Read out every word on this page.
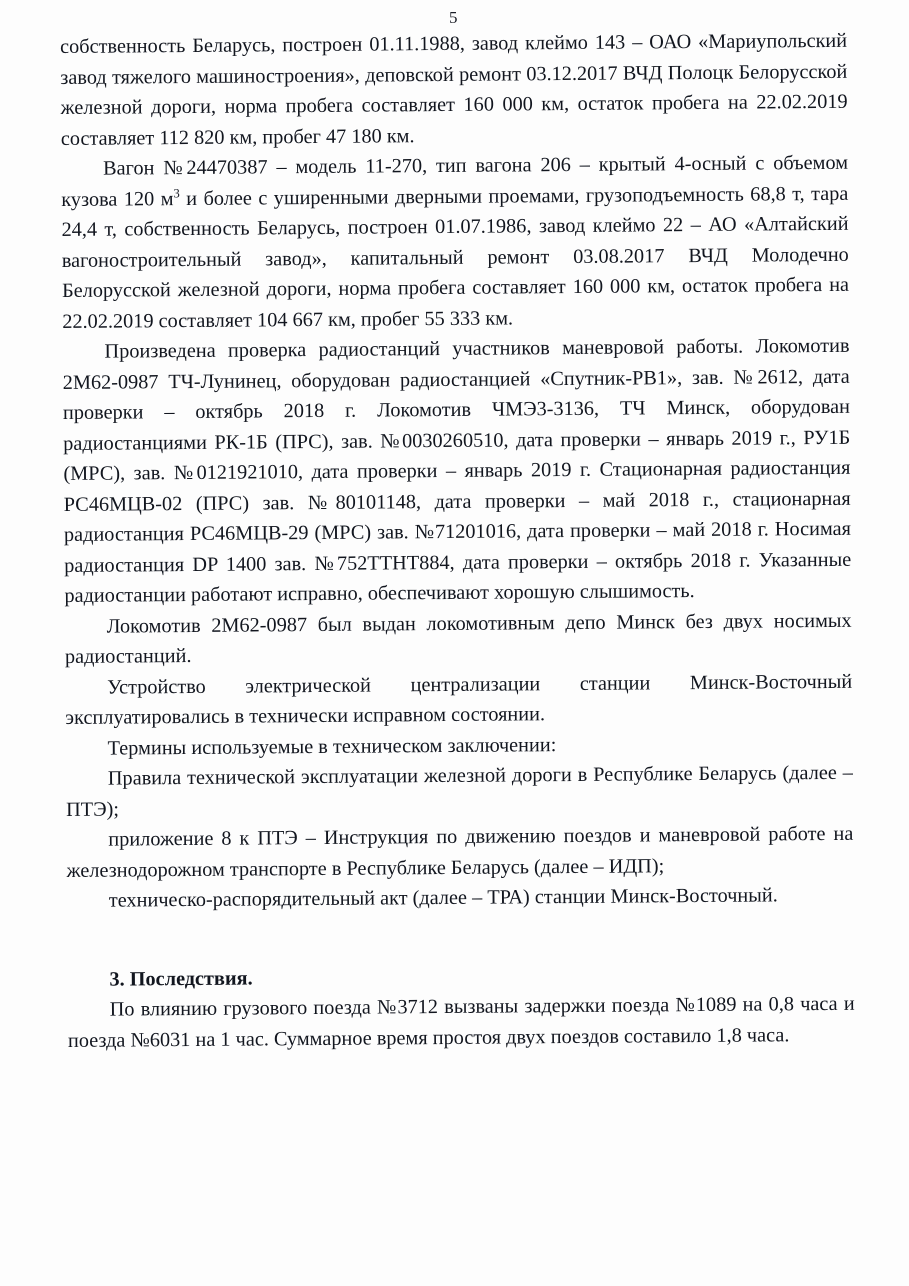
5

собственность Беларусь, построен 01.11.1988, завод клеймо 143 – ОАО «Мариупольский завод тяжелого машиностроения», деповской ремонт 03.12.2017 ВЧД Полоцк Белорусской железной дороги, норма пробега составляет 160 000 км, остаток пробега на 22.02.2019 составляет 112 820 км, пробег 47 180 км.

Вагон №24470387 – модель 11-270, тип вагона 206 – крытый 4-осный с объемом кузова 120 $м^3$ и более с уширенными дверными проемами, грузоподъемность 68,8 т, тара 24,4 т, собственность Беларусь, построен 01.07.1986, завод клеймо 22 – АО «Алтайский вагоностроительный завод», капитальный ремонт 03.08.2017 ВЧД Молодечно Белорусской железной дороги, норма пробега составляет 160 000 км, остаток пробега на 22.02.2019 составляет 104 667 км, пробег 55 333 км.

Произведена проверка радиостанций участников маневровой работы. Локомотив 2М62-0987 ТЧ-Лунинец, оборудован радиостанцией «Спутник-РВ1», зав. №2612, дата проверки – октябрь 2018 г. Локомотив ЧМЭ3-3136, ТЧ Минск, оборудован радиостанциями РК-1Б (ПРС), зав. №0030260510, дата проверки – январь 2019 г., РУ1Б (МРС), зав. №0121921010, дата проверки – январь 2019 г. Стационарная радиостанция РС46МЦВ-02 (ПРС) зав. №80101148, дата проверки – май 2018 г., стационарная радиостанция РС46МЦВ-29 (МРС) зав. №71201016, дата проверки – май 2018 г. Носимая радиостанция DP 1400 зав. №752ТТНТ884, дата проверки – октябрь 2018 г. Указанные радиостанции работают исправно, обеспечивают хорошую слышимость.

Локомотив 2М62-0987 был выдан локомотивным депо Минск без двух носимых радиостанций.

Устройство электрической централизации станции Минск-Восточный эксплуатировались в технически исправном состоянии.

Термины используемые в техническом заключении:

Правила технической эксплуатации железной дороги в Республике Беларусь (далее – ПТЭ);

приложение 8 к ПТЭ – Инструкция по движению поездов и маневровой работе на железнодорожном транспорте в Республике Беларусь (далее – ИДП);

техническо-распорядительный акт (далее – ТРА) станции Минск-Восточный.

3. Последствия.

По влиянию грузового поезда №3712 вызваны задержки поезда №1089 на 0,8 часа и поезда №6031 на 1 час. Суммарное время простоя двух поездов составило 1,8 часа.
